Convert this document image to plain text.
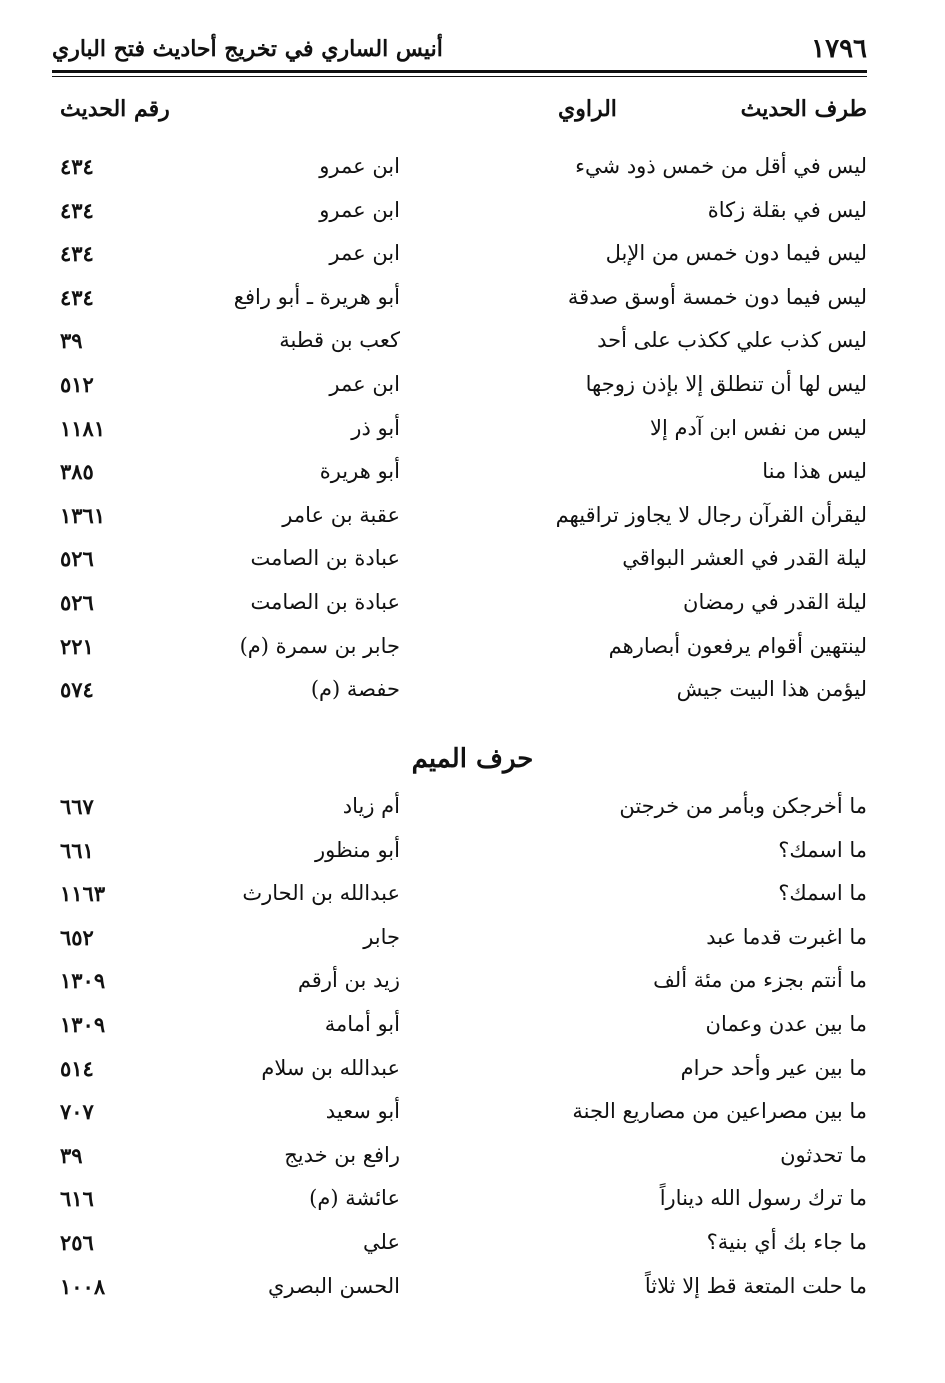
١٧٩٦
أنيس الساري في تخريج أحاديث فتح الباري
طرف الحديث
الراوي
رقم الحديث
ليس في أقل من خمس ذود شيء
ابن عمرو
٤٣٤
ليس في بقلة زكاة
ابن عمرو
٤٣٤
ليس فيما دون خمس من الإبل
ابن عمر
٤٣٤
ليس فيما دون خمسة أوسق صدقة
أبو هريرة ـ أبو رافع
٤٣٤
ليس كذب علي ككذب على أحد
كعب بن قطبة
٣٩
ليس لها أن تنطلق إلا بإذن زوجها
ابن عمر
٥١٢
ليس من نفس ابن آدم إلا
أبو ذر
١١٨١
ليس هذا منا
أبو هريرة
٣٨٥
ليقرأن القرآن رجال لا يجاوز تراقيهم
عقبة بن عامر
١٣٦١
ليلة القدر في العشر البواقي
عبادة بن الصامت
٥٢٦
ليلة القدر في رمضان
عبادة بن الصامت
٥٢٦
لينتهين أقوام يرفعون أبصارهم
جابر بن سمرة (م)
٢٢١
ليؤمن هذا البيت جيش
حفصة (م)
٥٧٤
حرف الميم
ما أخرجكن وبأمر من خرجتن
أم زياد
٦٦٧
ما اسمك؟
أبو منظور
٦٦١
ما اسمك؟
عبدالله بن الحارث
١١٦٣
ما اغبرت قدما عبد
جابر
٦٥٢
ما أنتم بجزء من مئة ألف
زيد بن أرقم
١٣٠٩
ما بين عدن وعمان
أبو أمامة
١٣٠٩
ما بين عير وأحد حرام
عبدالله بن سلام
٥١٤
ما بين مصراعين من مصاريع الجنة
أبو سعيد
٧٠٧
ما تحدثون
رافع بن خديج
٣٩
ما ترك رسول الله ديناراً
عائشة (م)
٦١٦
ما جاء بك أي بنية؟
علي
٢٥٦
ما حلت المتعة قط إلا ثلاثاً
الحسن البصري
١٠٠٨
